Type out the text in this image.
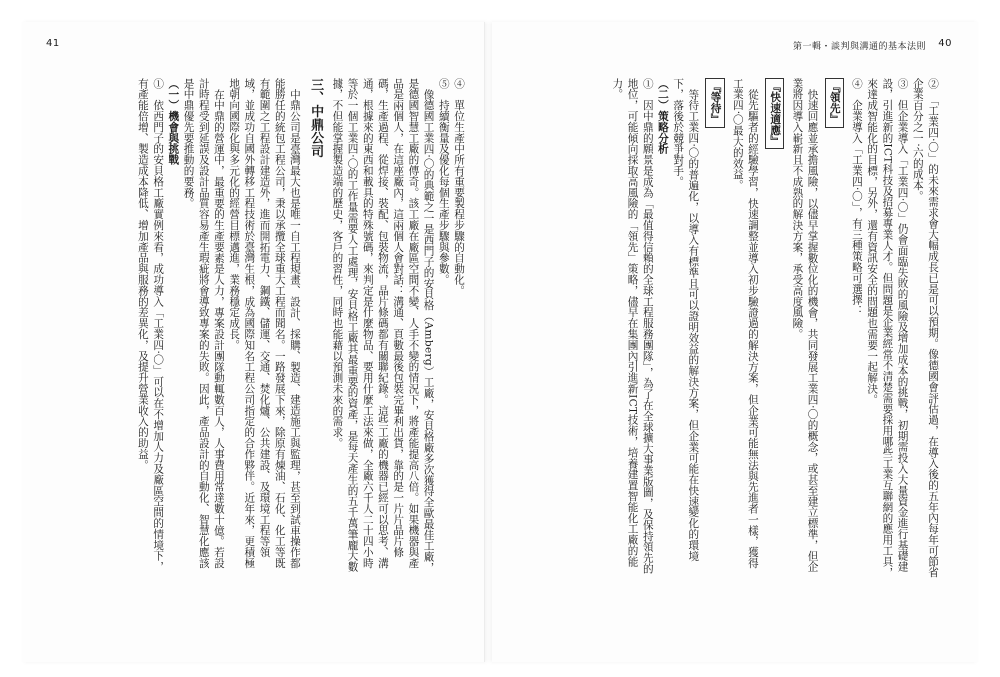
41

④　單位生產中所有重要製程步驟的自動化。

⑤　持續衡量及優化每個生產步驟與參數。

像德國工業四·〇的典範之一是西門子的安貝格（Amberg）工廠，安貝格廠多次獲得全歐最佳工廠，是德國智慧工廠的傳奇。該工廠在廠區空間不變、人手不變的情況下，將產能提高八倍。如果機器與產品是兩個人，在這座廠內，這兩個人會對話：溝通、頁數最後包裝完畢利出貨，靠的是一片片晶片條碼，生產過程、從焊接、裝配、包裝物流，晶片條碼都有關聯紀錄。這些工廠的機器已經可以思考、溝通，根據來的東西和載具的特殊號碼，來判定是什麼物品、要用什麼工法來做，全廠六千人二十四小時等於一個工業四·〇的工作量需要人工處理，安貝格工廠其最重要的資產，是每天產生的五千萬筆龐大數據，不但能掌握製造端的歷史，客戶的習性，同時也能藉以預測未來的需求。

三、中鼎公司

中鼎公司是臺灣最大也是唯一自工程規畫、設計、採購、製造、建造施工與監理，甚至到試車操作都能勝任的統包工程公司，秉以承攬全球重大工程而聞名。一路發展下來，除原有煉油、石化、化工等既有範圍之工程設計建造外，進而開拓電力、鋼鐵、儲運、交通、焚化爐、公共建設、及環境工程等領域，並成功自國外轉移工程技術於臺灣生根，成為國際知名工程公司指定的合作夥伴。近年來，更積極地朝向國際化與多元化的經營目標邁進，業務穩定成長。

在中鼎的營運中，最重要的生產要素是人力，專案設計團隊動輒數百人，人事費用常達數十億。若設計時程受到延誤及設計品質容易產生瑕疵將會導致專案的失敗。因此，產品設計的自動化、智慧化應該是中鼎優先要推動的要務。

（一）機會與挑戰

①　依西門子的安貝格工廠實例來看，成功導入「工業四·〇」可以在不增加人力及廠區空間的情境下，有產能倍增、製造成本降低、增加產品與服務的差異化，及提升營業收入的助益。

第一輯・談判與溝通的基本法則 40

②　「工業四·〇」的未來需求會大幅成長已是可以預期。像德國會評估過，在導入後的五年內每年可節省企業百分之一·六的成本。

③　但企業導入「工業四·〇」仍會面臨失敗的風險及增加成本的挑戰，初期需投入大量資金進行基礎建設，引進新的ICT科技及招募專業人才。但問題是企業經常不清楚需要採用哪些工業互聯網的應用工具，來達成智能化的目標，另外，還有資訊安全的問題也需要一起解決。

④　企業導入「工業四·〇」，有三種策略可選擇：

『領先』

快速回應並承擔風險，以儘早掌握數位化的機會，共同發展工業四·〇的概念，或甚至建立標準，但企業將因導入嶄新且不成熟的解決方案，承受高度風險。

『快速適應』

從先驅者的經驗學習，快速調整並導入初步驗證過的解決方案，但企業可能無法與先進者一樣，獲得工業四·〇最大的效益。

『等待』

等待工業四·〇的普遍化，以導入有標準且可以證明效益的解決方案，但企業可能在快速變化的環境下，落後於競爭對手。

（二）策略分析

①　因中鼎的願景是成為「最值得信賴的全球工程服務團隊」，為了在全球擴大事業版圖，及保持領先的地位，可能傾向採取高風險的「領先」策略，儘早在集團內引進新ICT技術，培養建置智能化工廠的能力。
